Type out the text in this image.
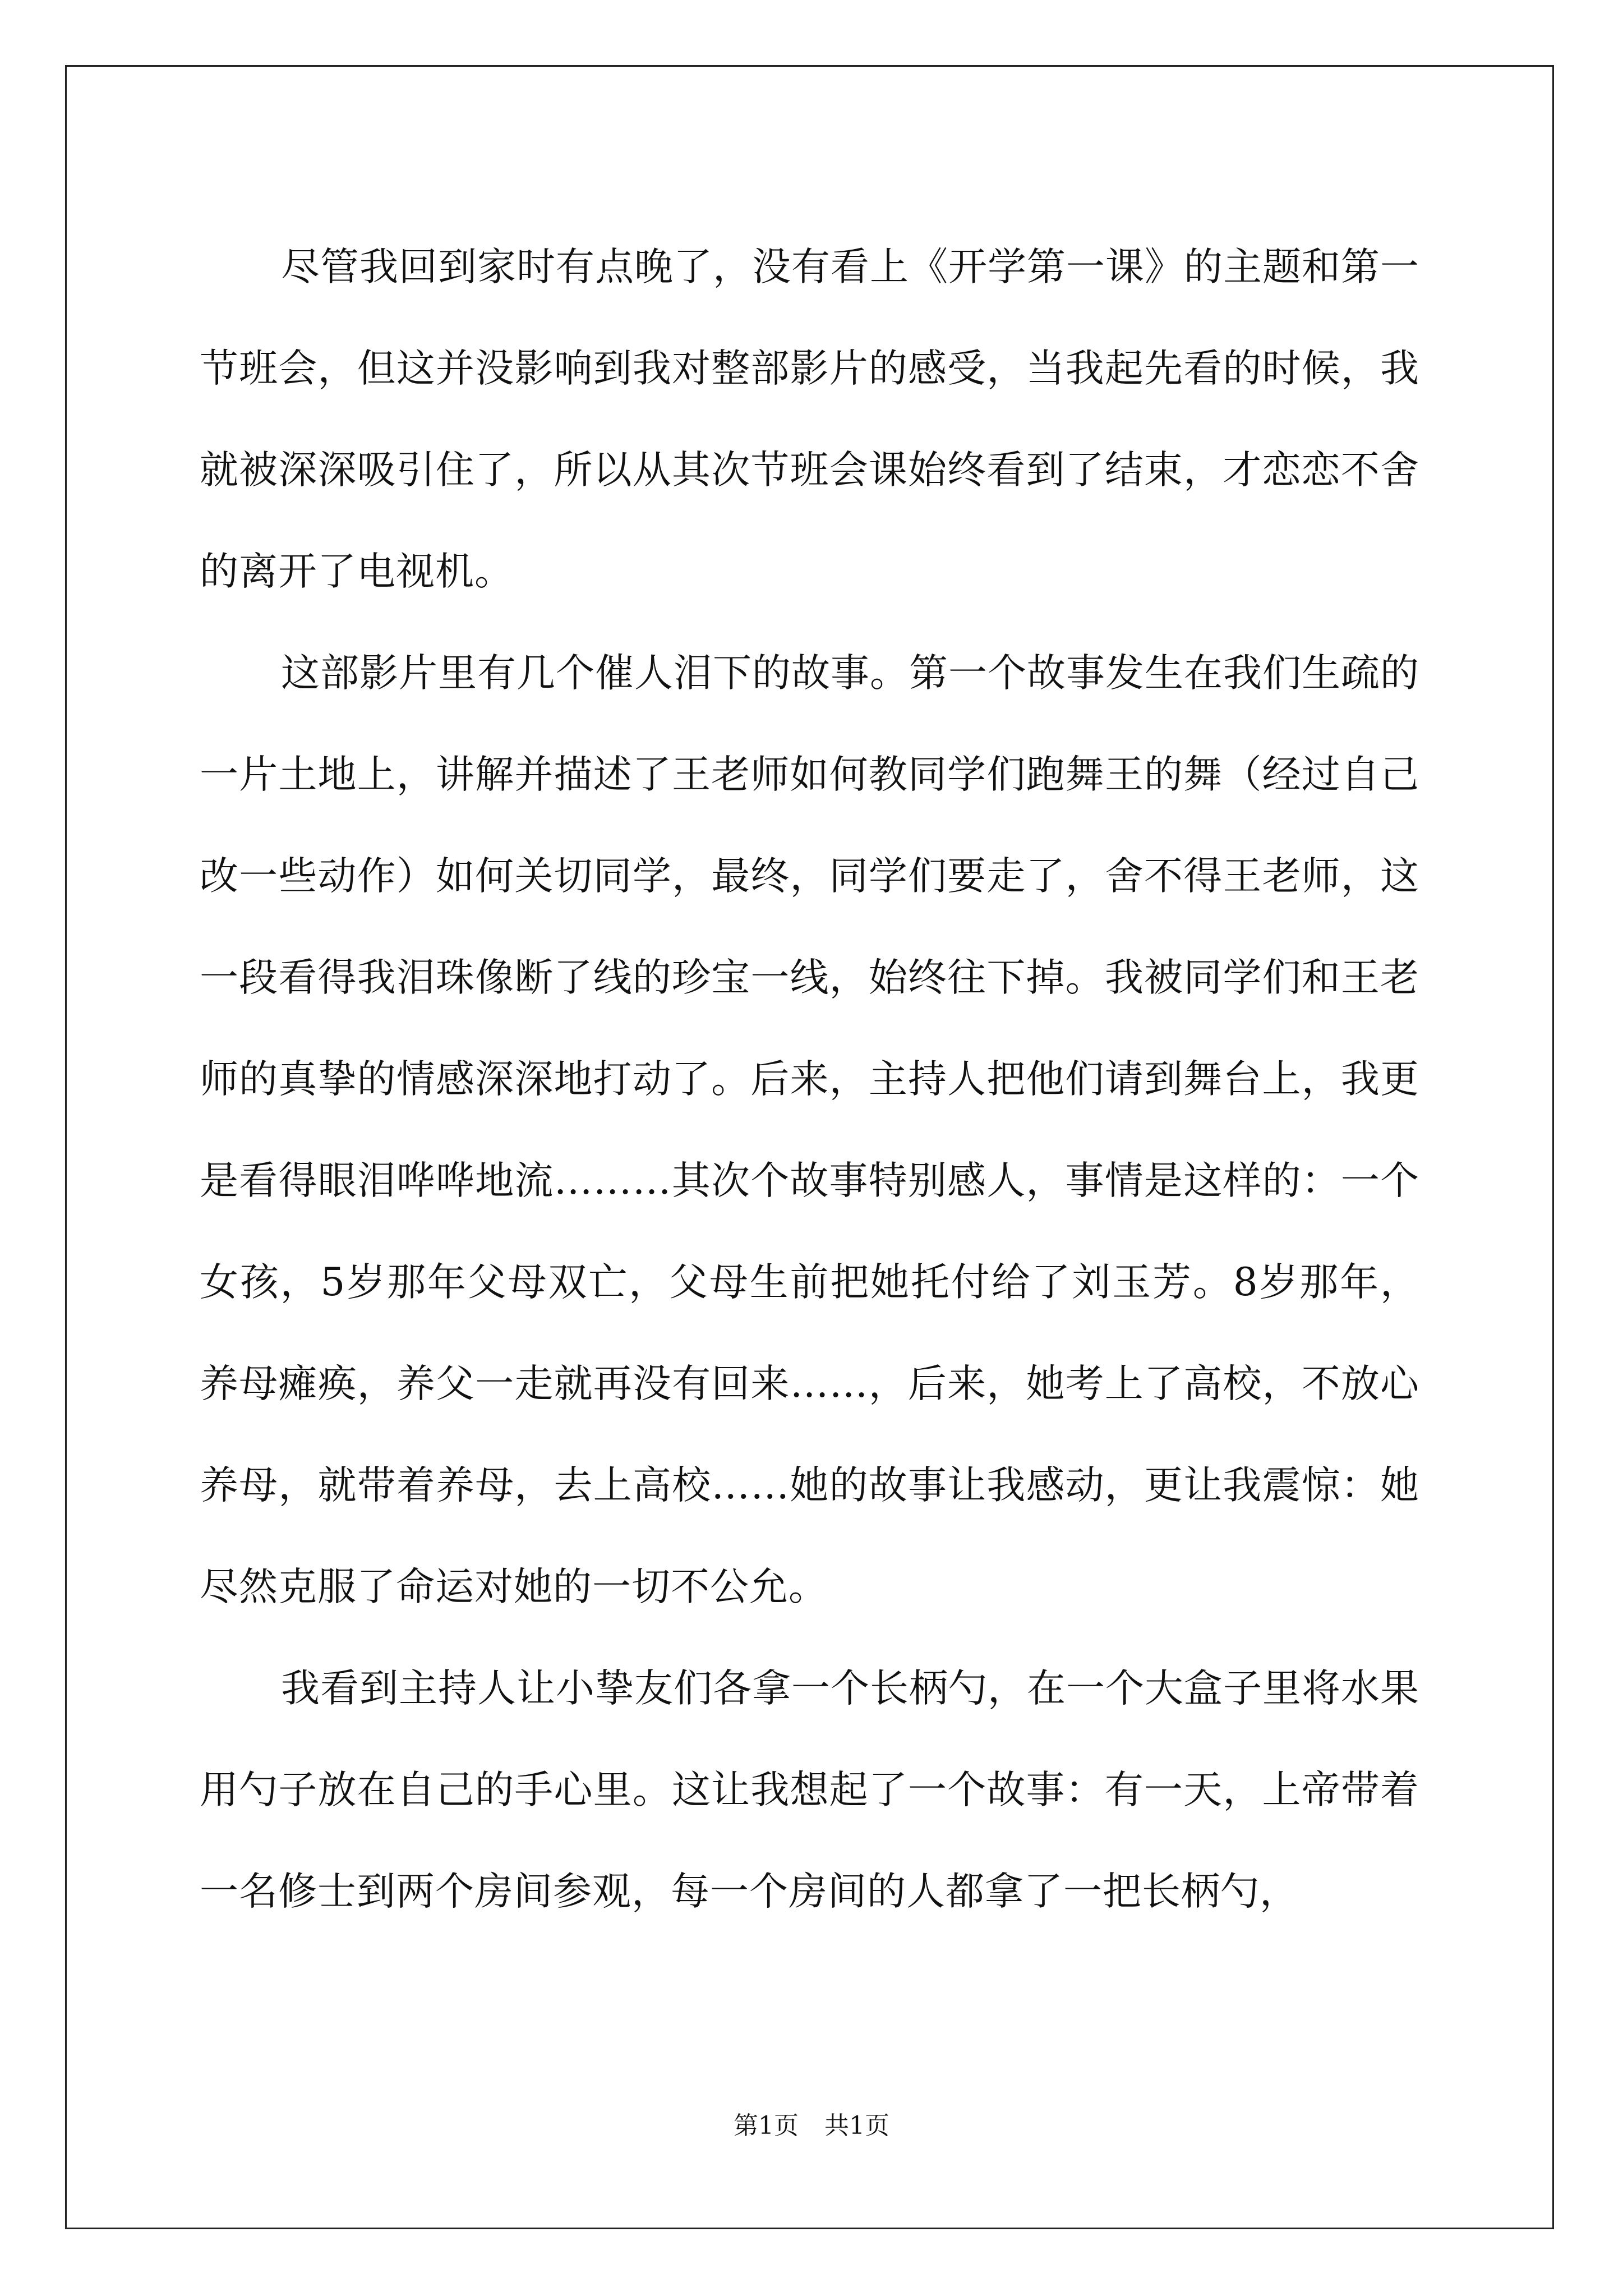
尽管我回到家时有点晚了，没有看上《开学第一课》的主题和第一节班会，但这并没影响到我对整部影片的感受，当我起先看的时候，我就被深深吸引住了，所以从其次节班会课始终看到了结束，才恋恋不舍的离开了电视机。

这部影片里有几个催人泪下的故事。第一个故事发生在我们生疏的一片土地上，讲解并描述了王老师如何教同学们跑舞王的舞（经过自己改一些动作）如何关切同学，最终，同学们要走了，舍不得王老师，这一段看得我泪珠像断了线的珍宝一线，始终往下掉。我被同学们和王老师的真挚的情感深深地打动了。后来，主持人把他们请到舞台上，我更是看得眼泪哗哗地流………其次个故事特别感人，事情是这样的：一个女孩，5岁那年父母双亡，父母生前把她托付给了刘玉芳。8岁那年，养母瘫痪，养父一走就再没有回来……，后来，她考上了高校，不放心养母，就带着养母，去上高校……她的故事让我感动，更让我震惊：她尽然克服了命运对她的一切不公允。

我看到主持人让小挚友们各拿一个长柄勺，在一个大盒子里将水果用勺子放在自己的手心里。这让我想起了一个故事：有一天，上帝带着一名修士到两个房间参观，每一个房间的人都拿了一把长柄勺，

第1页 共1页
